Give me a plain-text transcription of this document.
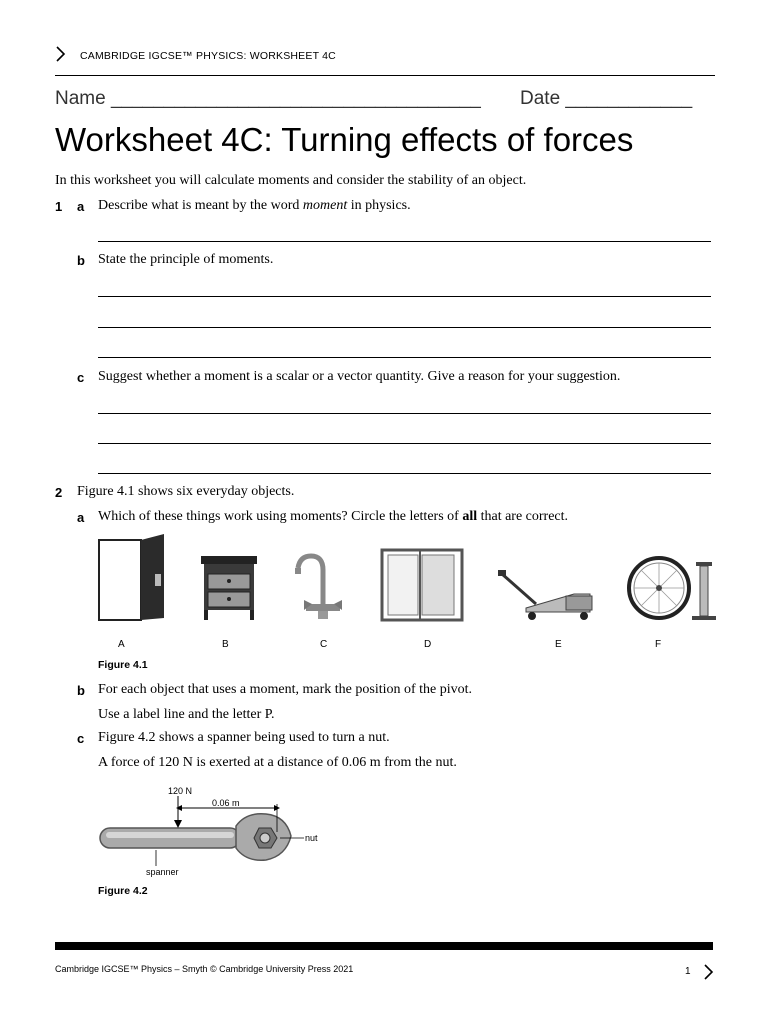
CAMBRIDGE IGCSE™ PHYSICS: WORKSHEET 4C
Name ___________________________________ Date ____________
Worksheet 4C: Turning effects of forces
In this worksheet you will calculate moments and consider the stability of an object.
1 a Describe what is meant by the word moment in physics.
b State the principle of moments.
c Suggest whether a moment is a scalar or a vector quantity. Give a reason for your suggestion.
2 Figure 4.1 shows six everyday objects.
a Which of these things work using moments? Circle the letters of all that are correct.
A	B	C	D	E	F
Figure 4.1
b For each object that uses a moment, mark the position of the pivot.
Use a label line and the letter P.
c Figure 4.2 shows a spanner being used to turn a nut.
A force of 120 N is exerted at a distance of 0.06 m from the nut.
120 N
0.06 m
nut
spanner
Figure 4.2
Cambridge IGCSE™ Physics – Smyth © Cambridge University Press 2021	1
